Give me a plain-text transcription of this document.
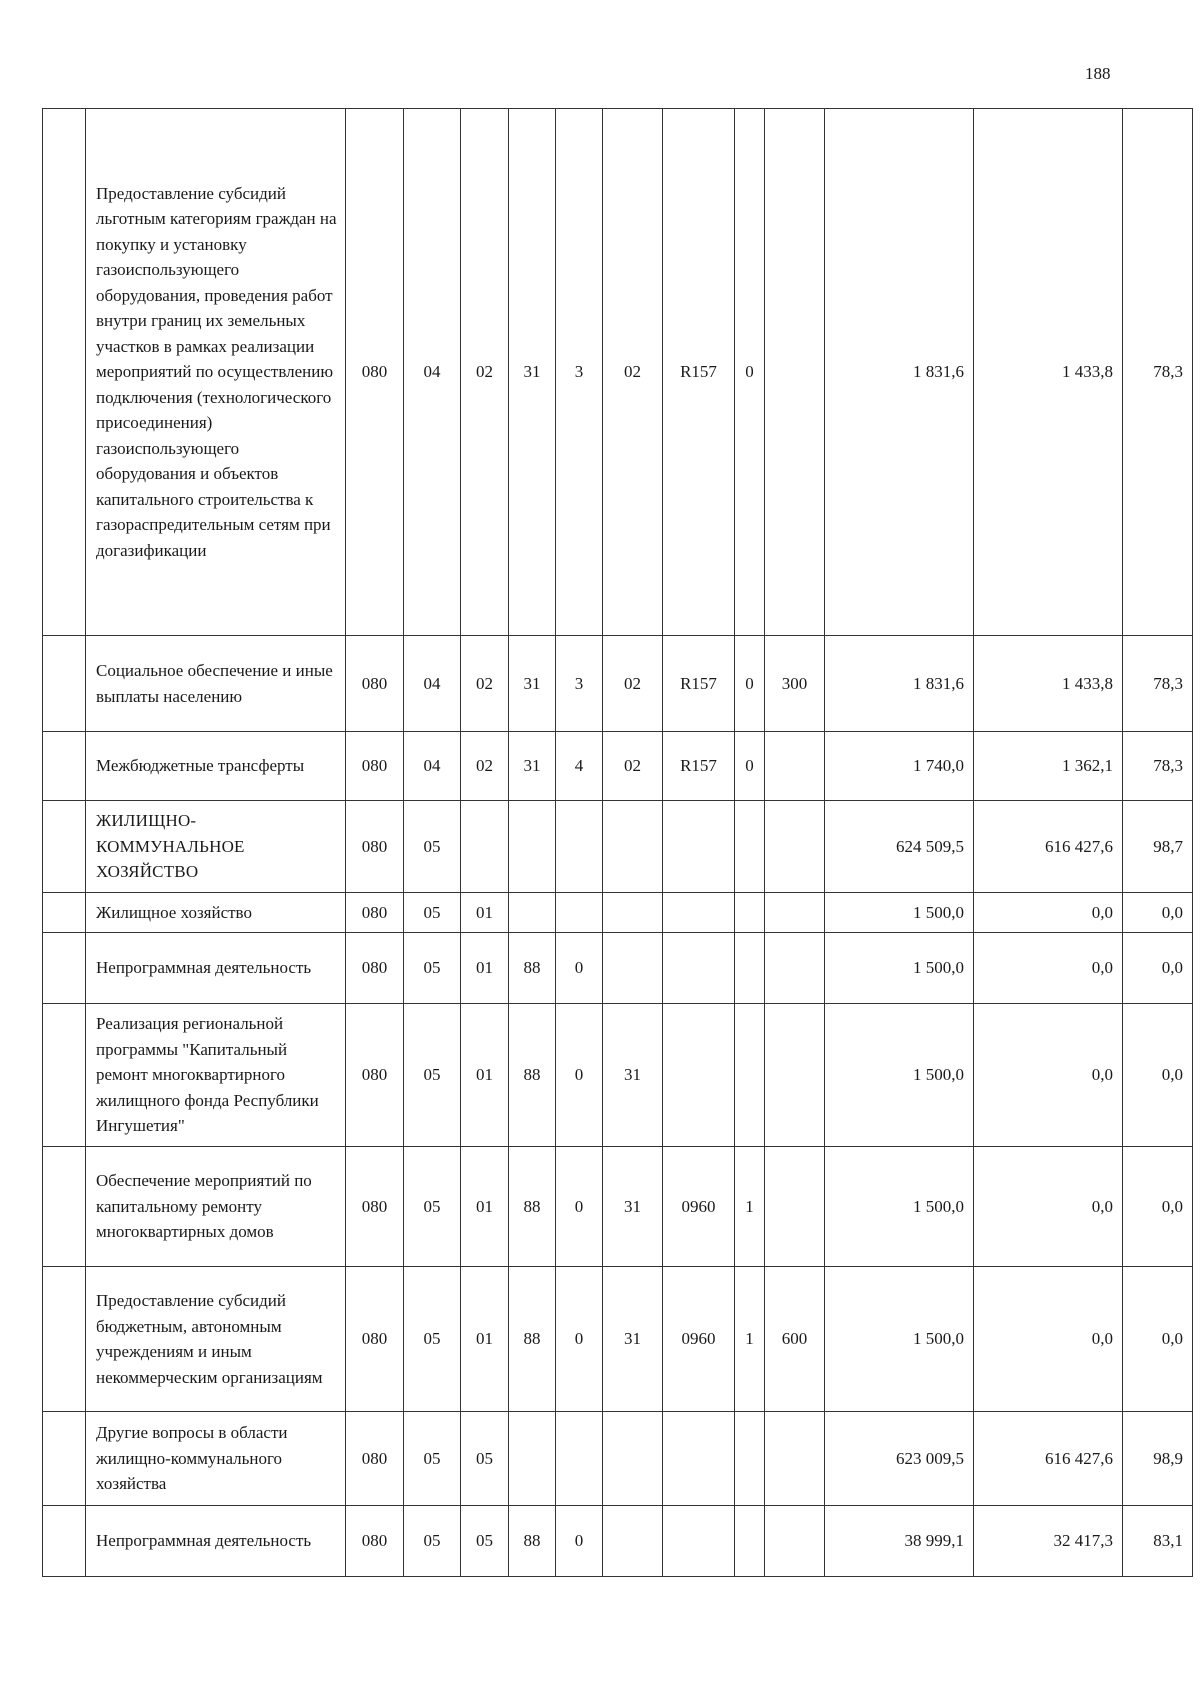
188
	Предоставление субсидий льготным категориям граждан на покупку и установку газоиспользующего оборудования, проведения работ внутри границ их земельных участков в рамках реализации мероприятий по осуществлению подключения (технологического присоединения) газоиспользующего оборудования и объектов капитального строительства к газораспредительным сетям при догазификации	080	04	02	31	3	02	R157	0		1 831,6	1 433,8	78,3
	Социальное обеспечение и иные выплаты населению	080	04	02	31	3	02	R157	0	300	1 831,6	1 433,8	78,3
	Межбюджетные трансферты	080	04	02	31	4	02	R157	0		1 740,0	1 362,1	78,3
	ЖИЛИЩНО-КОММУНАЛЬНОЕ ХОЗЯЙСТВО	080	05								624 509,5	616 427,6	98,7
	Жилищное хозяйство	080	05	01							1 500,0	0,0	0,0
	Непрограммная деятельность	080	05	01	88	0					1 500,0	0,0	0,0
	Реализация региональной программы "Капитальный ремонт многоквартирного жилищного фонда Республики Ингушетия"	080	05	01	88	0	31				1 500,0	0,0	0,0
	Обеспечение мероприятий по капитальному ремонту многоквартирных домов	080	05	01	88	0	31	0960	1		1 500,0	0,0	0,0
	Предоставление субсидий бюджетным, автономным учреждениям и иным некоммерческим организациям	080	05	01	88	0	31	0960	1	600	1 500,0	0,0	0,0
	Другие вопросы в области жилищно-коммунального хозяйства	080	05	05							623 009,5	616 427,6	98,9
	Непрограммная деятельность	080	05	05	88	0					38 999,1	32 417,3	83,1
